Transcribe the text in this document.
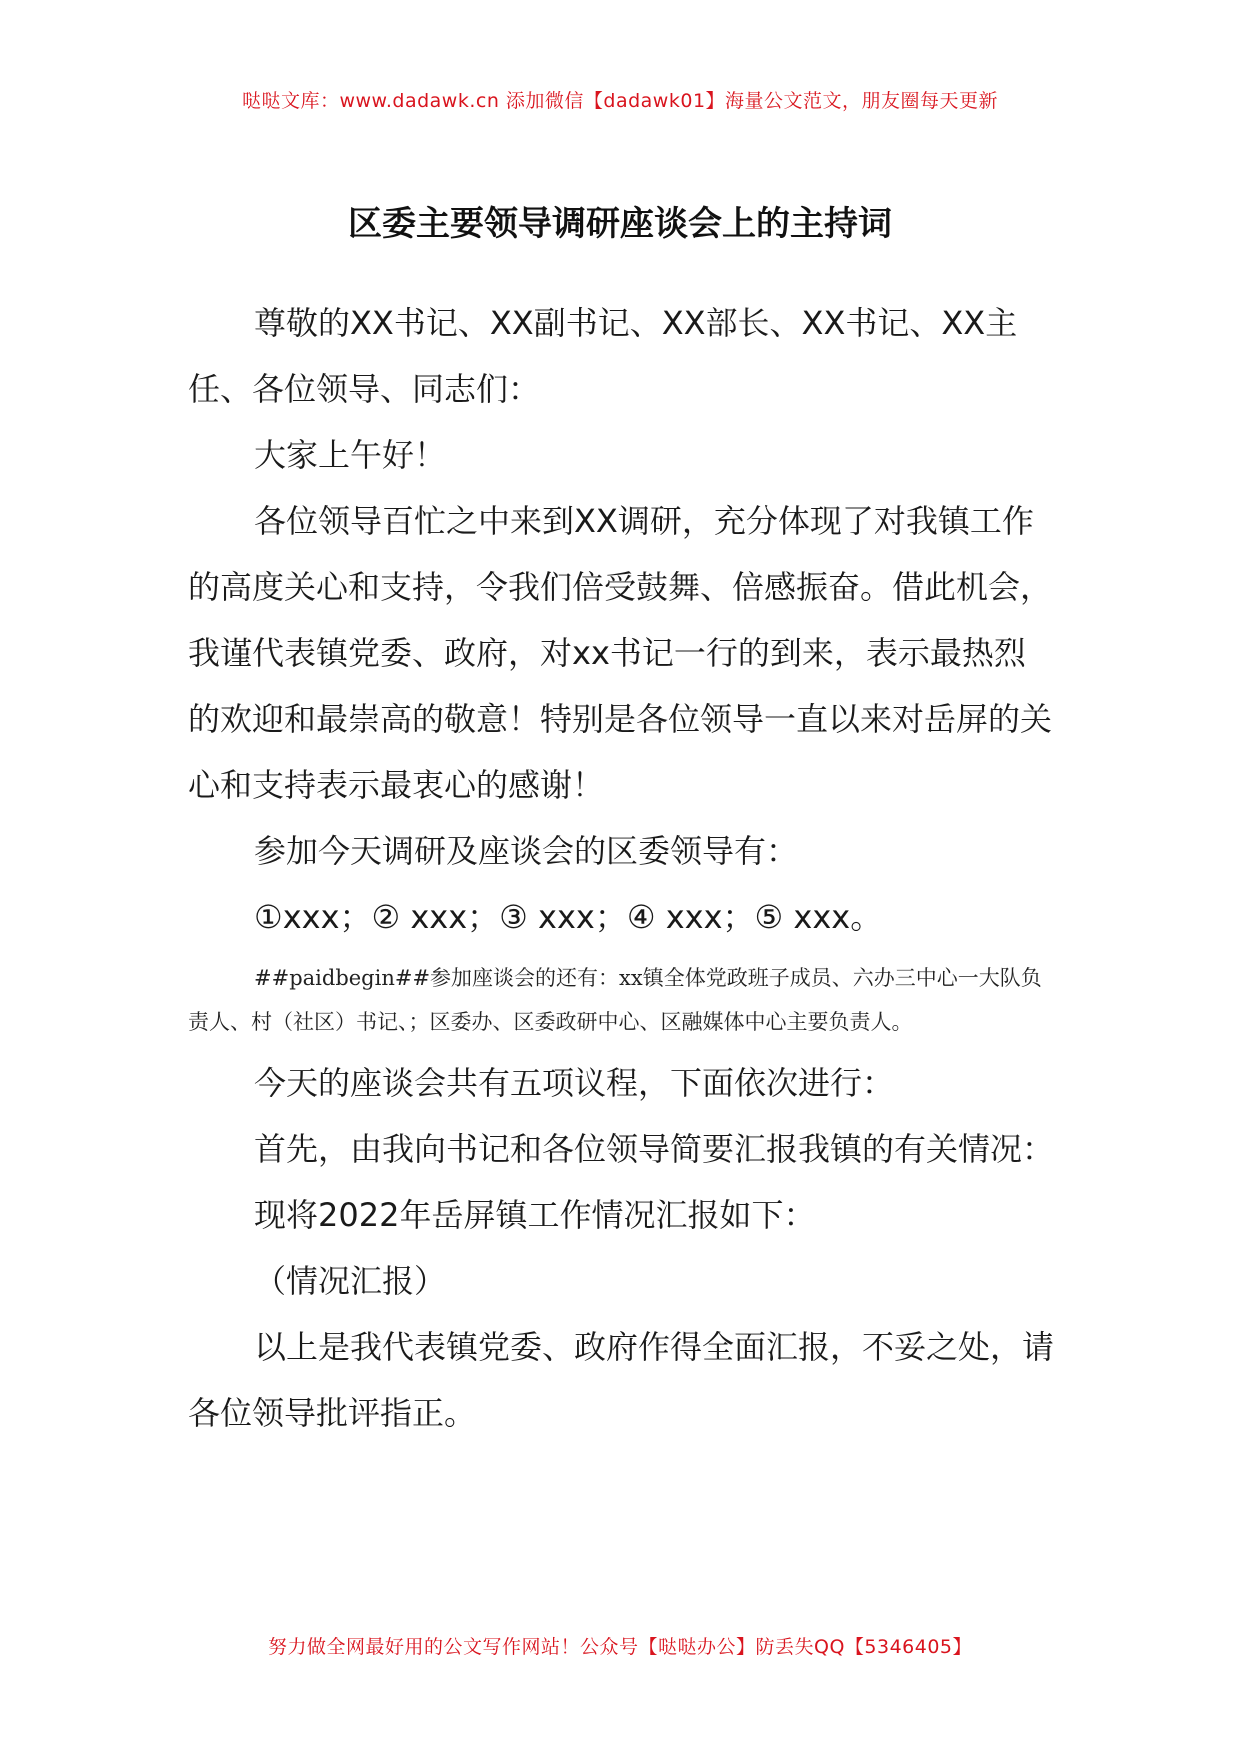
哒哒文库：www.dadawk.cn 添加微信【dadawk01】海量公文范文，朋友圈每天更新
区委主要领导调研座谈会上的主持词

尊敬的XX书记、XX副书记、XX部长、XX书记、XX主任、各位领导、同志们：

大家上午好！

各位领导百忙之中来到XX调研，充分体现了对我镇工作的高度关心和支持，令我们倍受鼓舞、倍感振奋。借此机会，我谨代表镇党委、政府，对xx书记一行的到来，表示最热烈的欢迎和最崇高的敬意！特别是各位领导一直以来对岳屏的关心和支持表示最衷心的感谢！

参加今天调研及座谈会的区委领导有：

①xxx；② xxx；③ xxx；④ xxx；⑤ xxx。

##paidbegin##参加座谈会的还有：xx镇全体党政班子成员、六办三中心一大队负责人、村（社区）书记、；区委办、区委政研中心、区融媒体中心主要负责人。

今天的座谈会共有五项议程，下面依次进行：

首先，由我向书记和各位领导简要汇报我镇的有关情况：

现将2022年岳屏镇工作情况汇报如下：

（情况汇报）

以上是我代表镇党委、政府作得全面汇报，不妥之处，请各位领导批评指正。

努力做全网最好用的公文写作网站！公众号【哒哒办公】防丢失QQ【5346405】
